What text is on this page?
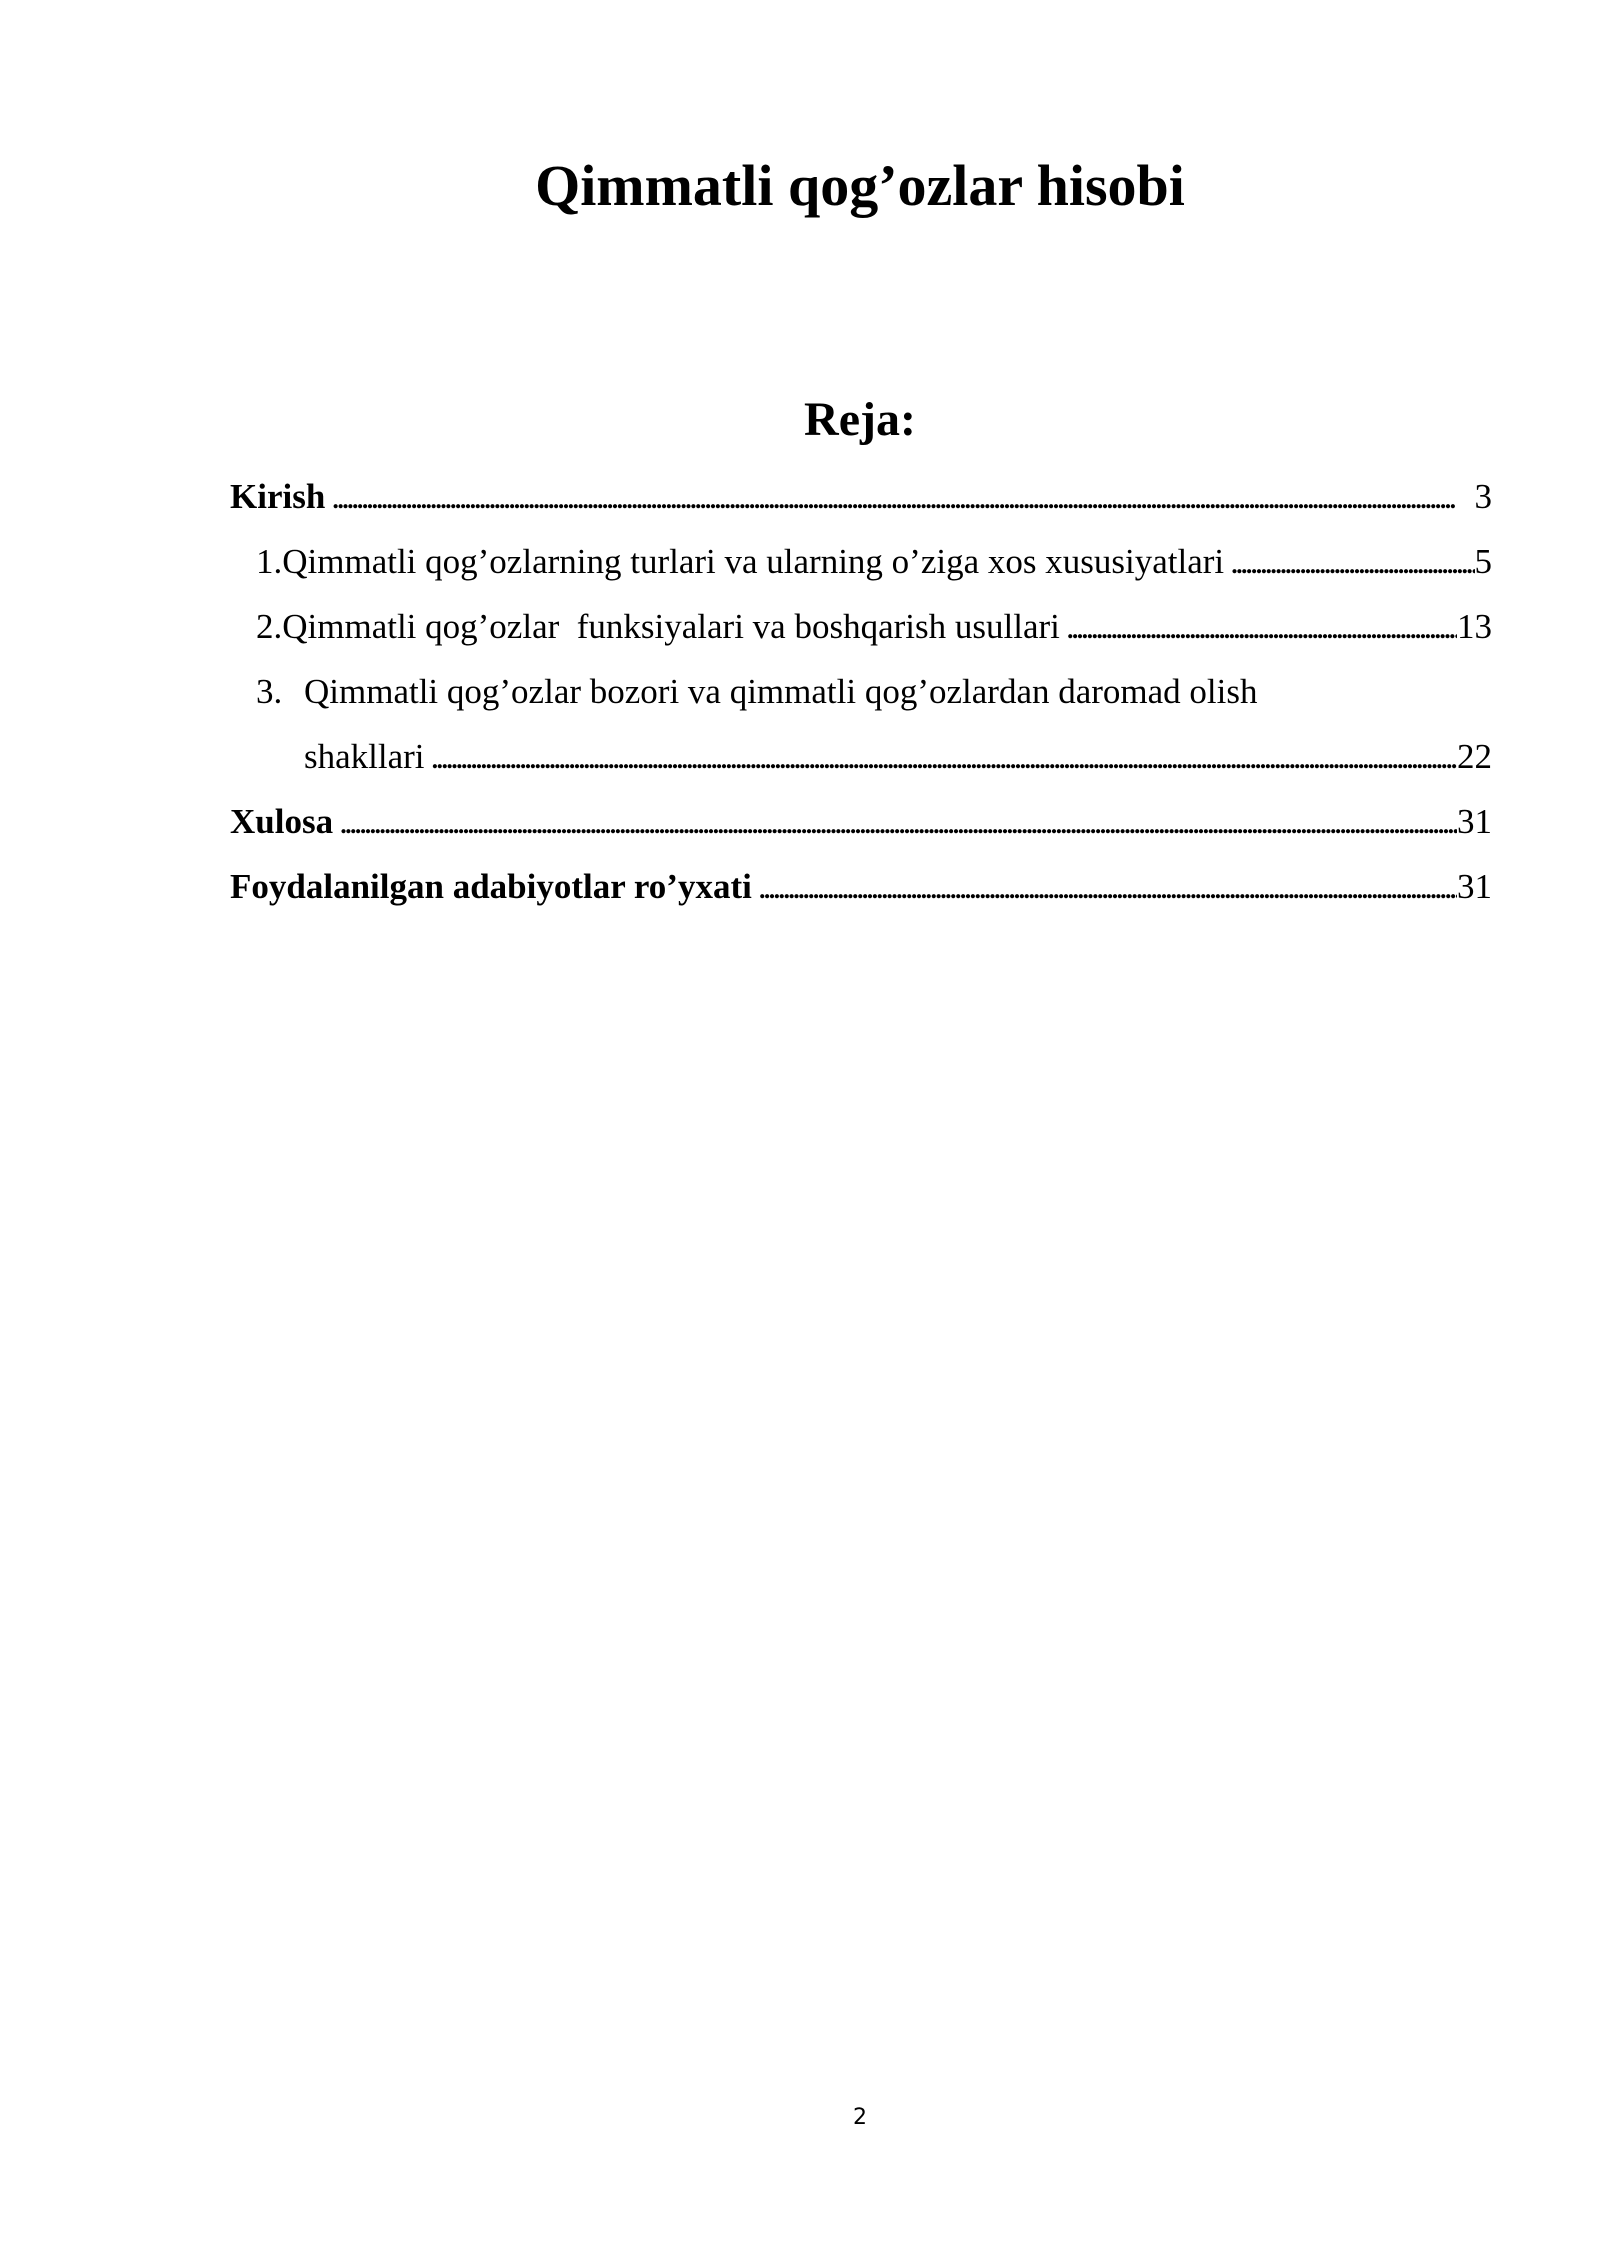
Qimmatli qog’ozlar hisobi
Reja:
Kirish . . .	3
1. Qimmatli qog’ozlarning turlari va ularning o’ziga xos xususiyatlari . . .	5
2. Qimmatli qog’ozlar  funksiyalari va boshqarish usullari . . .	13
3. Qimmatli qog’ozlar bozori va qimmatli qog’ozlardan daromad olish
shakllari . . .	22
Xulosa . . .	31
Foydalanilgan adabiyotlar ro’yxati . . .	31
2
